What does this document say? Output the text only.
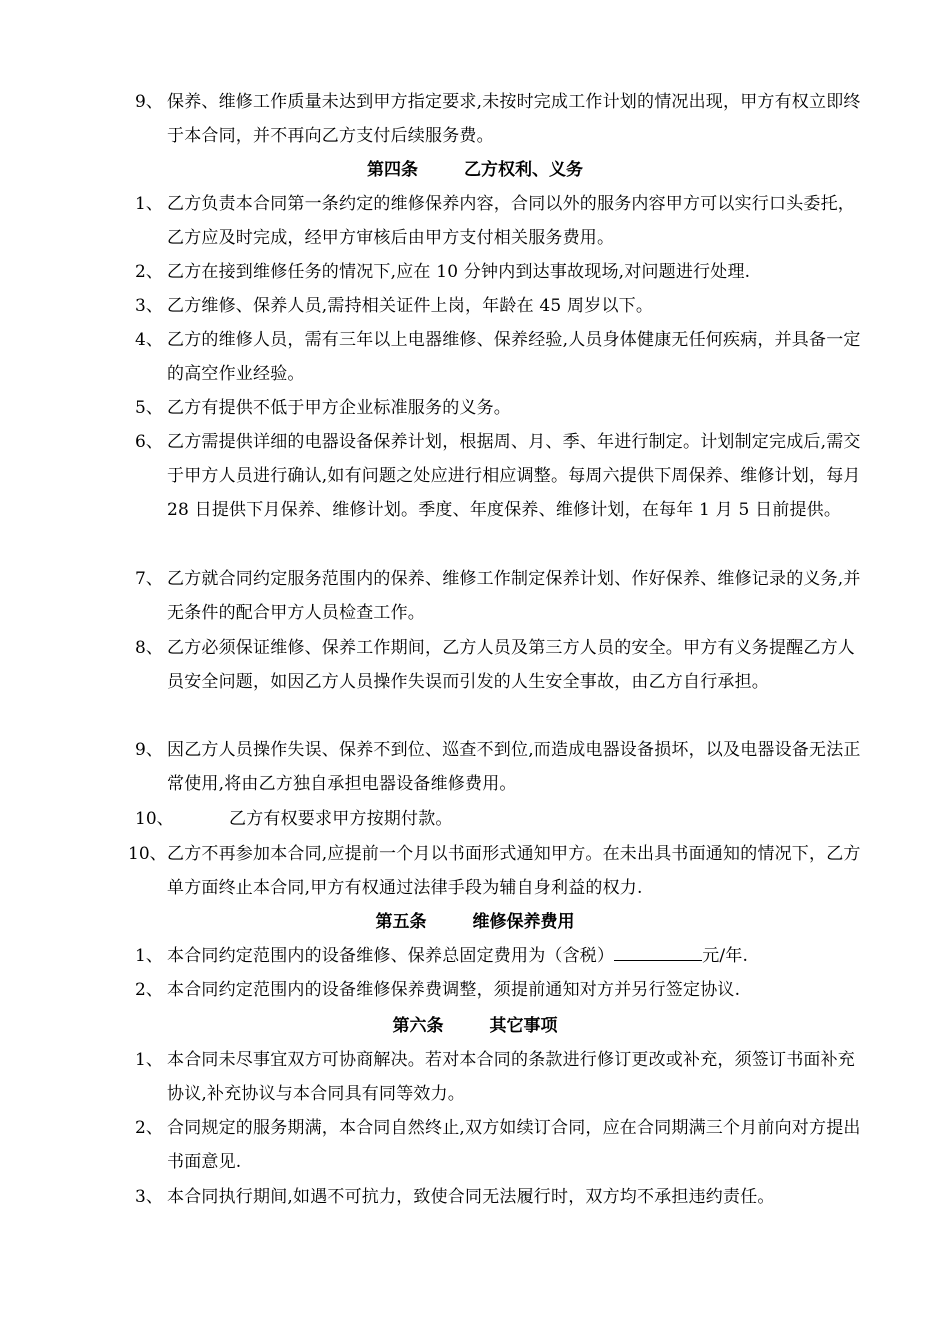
9、 保养、维修工作质量未达到甲方指定要求,未按时完成工作计划的情况出现，甲方有权立即终于本合同，并不再向乙方支付后续服务费。
第四条	乙方权利、义务
1、 乙方负责本合同第一条约定的维修保养内容，合同以外的服务内容甲方可以实行口头委托，乙方应及时完成，经甲方审核后由甲方支付相关服务费用。
2、 乙方在接到维修任务的情况下,应在 10 分钟内到达事故现场,对问题进行处理.
3、 乙方维修、保养人员,需持相关证件上岗，年龄在 45 周岁以下。
4、 乙方的维修人员，需有三年以上电器维修、保养经验,人员身体健康无任何疾病，并具备一定的高空作业经验。
5、 乙方有提供不低于甲方企业标准服务的义务。
6、 乙方需提供详细的电器设备保养计划，根据周、月、季、年进行制定。计划制定完成后,需交于甲方人员进行确认,如有问题之处应进行相应调整。每周六提供下周保养、维修计划，每月 28 日提供下月保养、维修计划。季度、年度保养、维修计划，在每年 1 月 5 日前提供。
7、 乙方就合同约定服务范围内的保养、维修工作制定保养计划、作好保养、维修记录的义务,并无条件的配合甲方人员检查工作。
8、 乙方必须保证维修、保养工作期间，乙方人员及第三方人员的安全。甲方有义务提醒乙方人员安全问题，如因乙方人员操作失误而引发的人生安全事故，由乙方自行承担。
9、 因乙方人员操作失误、保养不到位、巡查不到位,而造成电器设备损坏，以及电器设备无法正常使用,将由乙方独自承担电器设备维修费用。
10、	乙方有权要求甲方按期付款。
10、 乙方不再参加本合同,应提前一个月以书面形式通知甲方。在未出具书面通知的情况下，乙方单方面终止本合同,甲方有权通过法律手段为辅自身利益的权力.
第五条	维修保养费用
1、 本合同约定范围内的设备维修、保养总固定费用为（含税）	元/年.
2、 本合同约定范围内的设备维修保养费调整，须提前通知对方并另行签定协议.
第六条	其它事项
1、 本合同未尽事宜双方可协商解决。若对本合同的条款进行修订更改或补充，须签订书面补充协议,补充协议与本合同具有同等效力。
2、 合同规定的服务期满，本合同自然终止,双方如续订合同，应在合同期满三个月前向对方提出书面意见.
3、 本合同执行期间,如遇不可抗力，致使合同无法履行时，双方均不承担违约责任。
